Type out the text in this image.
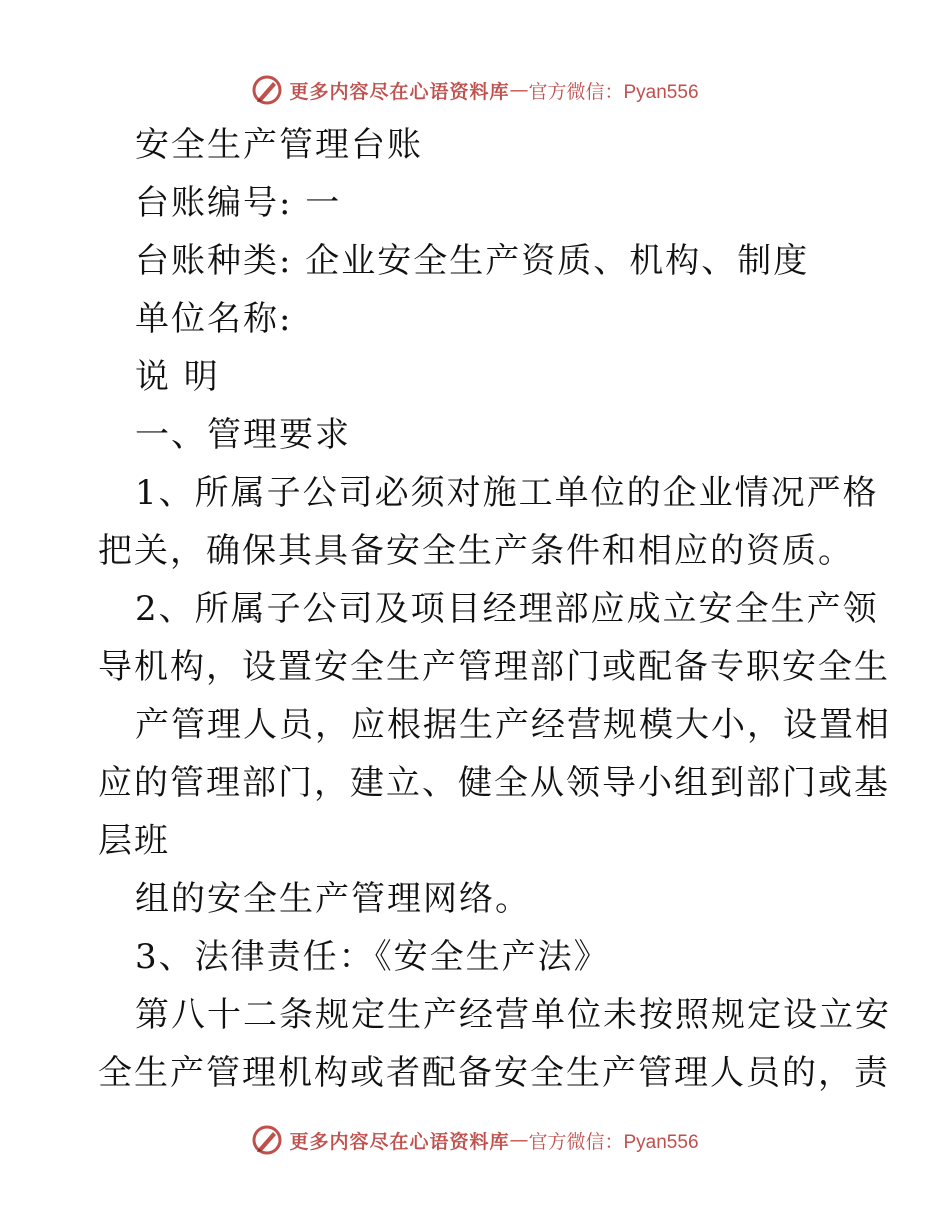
更多内容尽在心语资料库 — 官方微信：Pyan556
安全生产管理台账
台账编号: 一
台账种类: 企业安全生产资质、机构、制度
单位名称:
说 明
一、管理要求
1、所属子公司必须对施工单位的企业情况严格
把关，确保其具备安全生产条件和相应的资质。
2、所属子公司及项目经理部应成立安全生产领
导机构，设置安全生产管理部门或配备专职安全生
产管理人员，应根据生产经营规模大小，设置相
应的管理部门，建立、健全从领导小组到部门或基
层班
组的安全生产管理网络。
3、法律责任：《安全生产法》
第八十二条规定生产经营单位未按照规定设立安
全生产管理机构或者配备安全生产管理人员的，责
更多内容尽在心语资料库 — 官方微信：Pyan556
